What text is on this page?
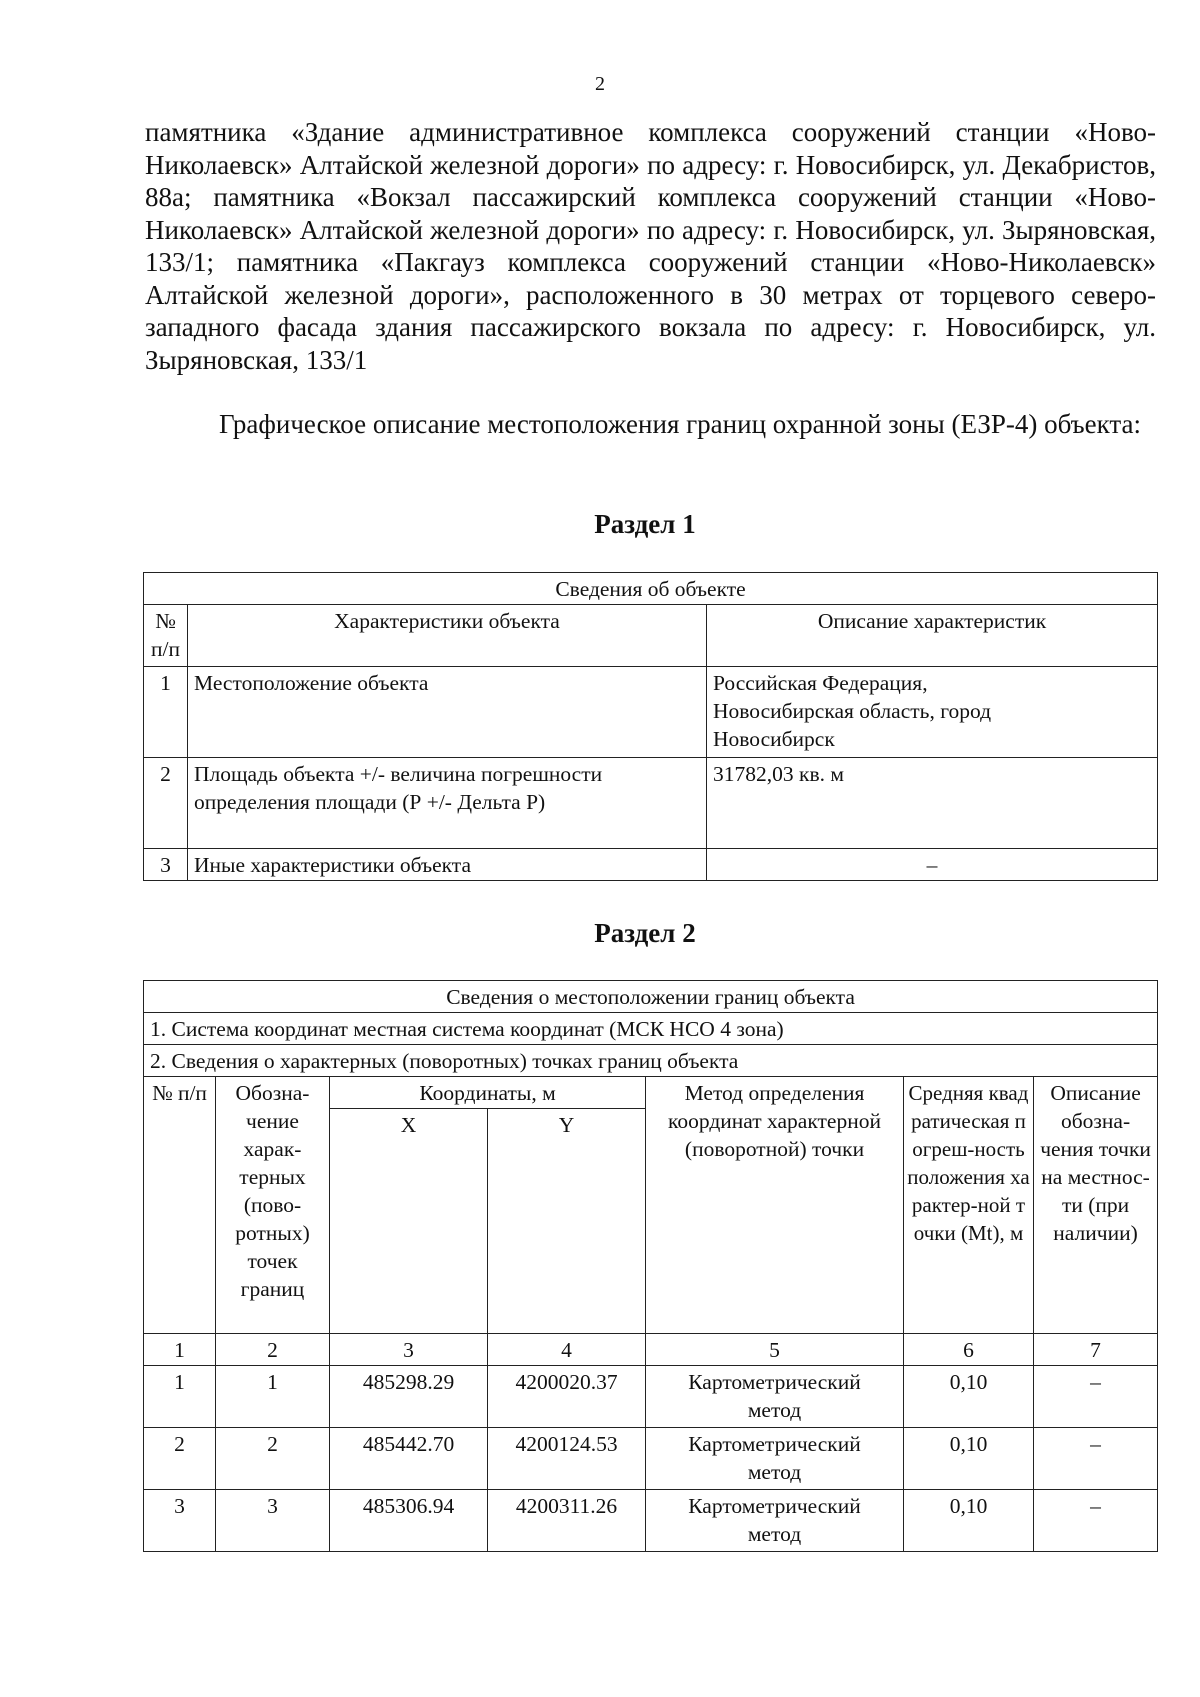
2

памятника «Здание административное комплекса сооружений станции «Ново-Николаевск» Алтайской железной дороги» по адресу: г. Новосибирск, ул. Декабристов, 88а; памятника «Вокзал пассажирский комплекса сооружений станции «Ново-Николаевск» Алтайской железной дороги» по адресу: г. Новосибирск, ул. Зыряновская, 133/1; памятника «Пакгауз комплекса сооружений станции «Ново-Николаевск» Алтайской железной дороги», расположенного в 30 метрах от торцевого северо-западного фасада здания пассажирского вокзала по адресу: г. Новосибирск, ул. Зыряновская, 133/1

Графическое описание местоположения границ охранной зоны (ЕЗР-4) объекта:

Раздел 1
Сведения об объекте		
№ п/п	Характеристики объекта	Описание характеристик
1	Местоположение объекта	Российская Федерация, Новосибирская область, город Новосибирск
2	Площадь объекта +/- величина погрешности определения площади (Р +/- Дельта Р)	31782,03 кв. м
3	Иные характеристики объекта	–
Раздел 2
Сведения о местоположении границ объекта						
1. Система координат местная система координат (МСК НСО 4 зона)						
2. Сведения о характерных (поворотных) точках границ объекта						
№ п/п	Обозна-чение харак-терных (пово-ротных) точек границ	Координаты, м		Метод определения координат характерной (поворотной) точки	Средняя квадратическая погреш-ность положения характер-ной точки (Mt), м	Описание обозна-чения точки на местнос-ти (при наличии)
		X	Y			
1	2	3	4	5	6	7
1	1	485298.29	4200020.37	Картометрический метод	0,10	–
2	2	485442.70	4200124.53	Картометрический метод	0,10	–
3	3	485306.94	4200311.26	Картометрический метод	0,10	–
